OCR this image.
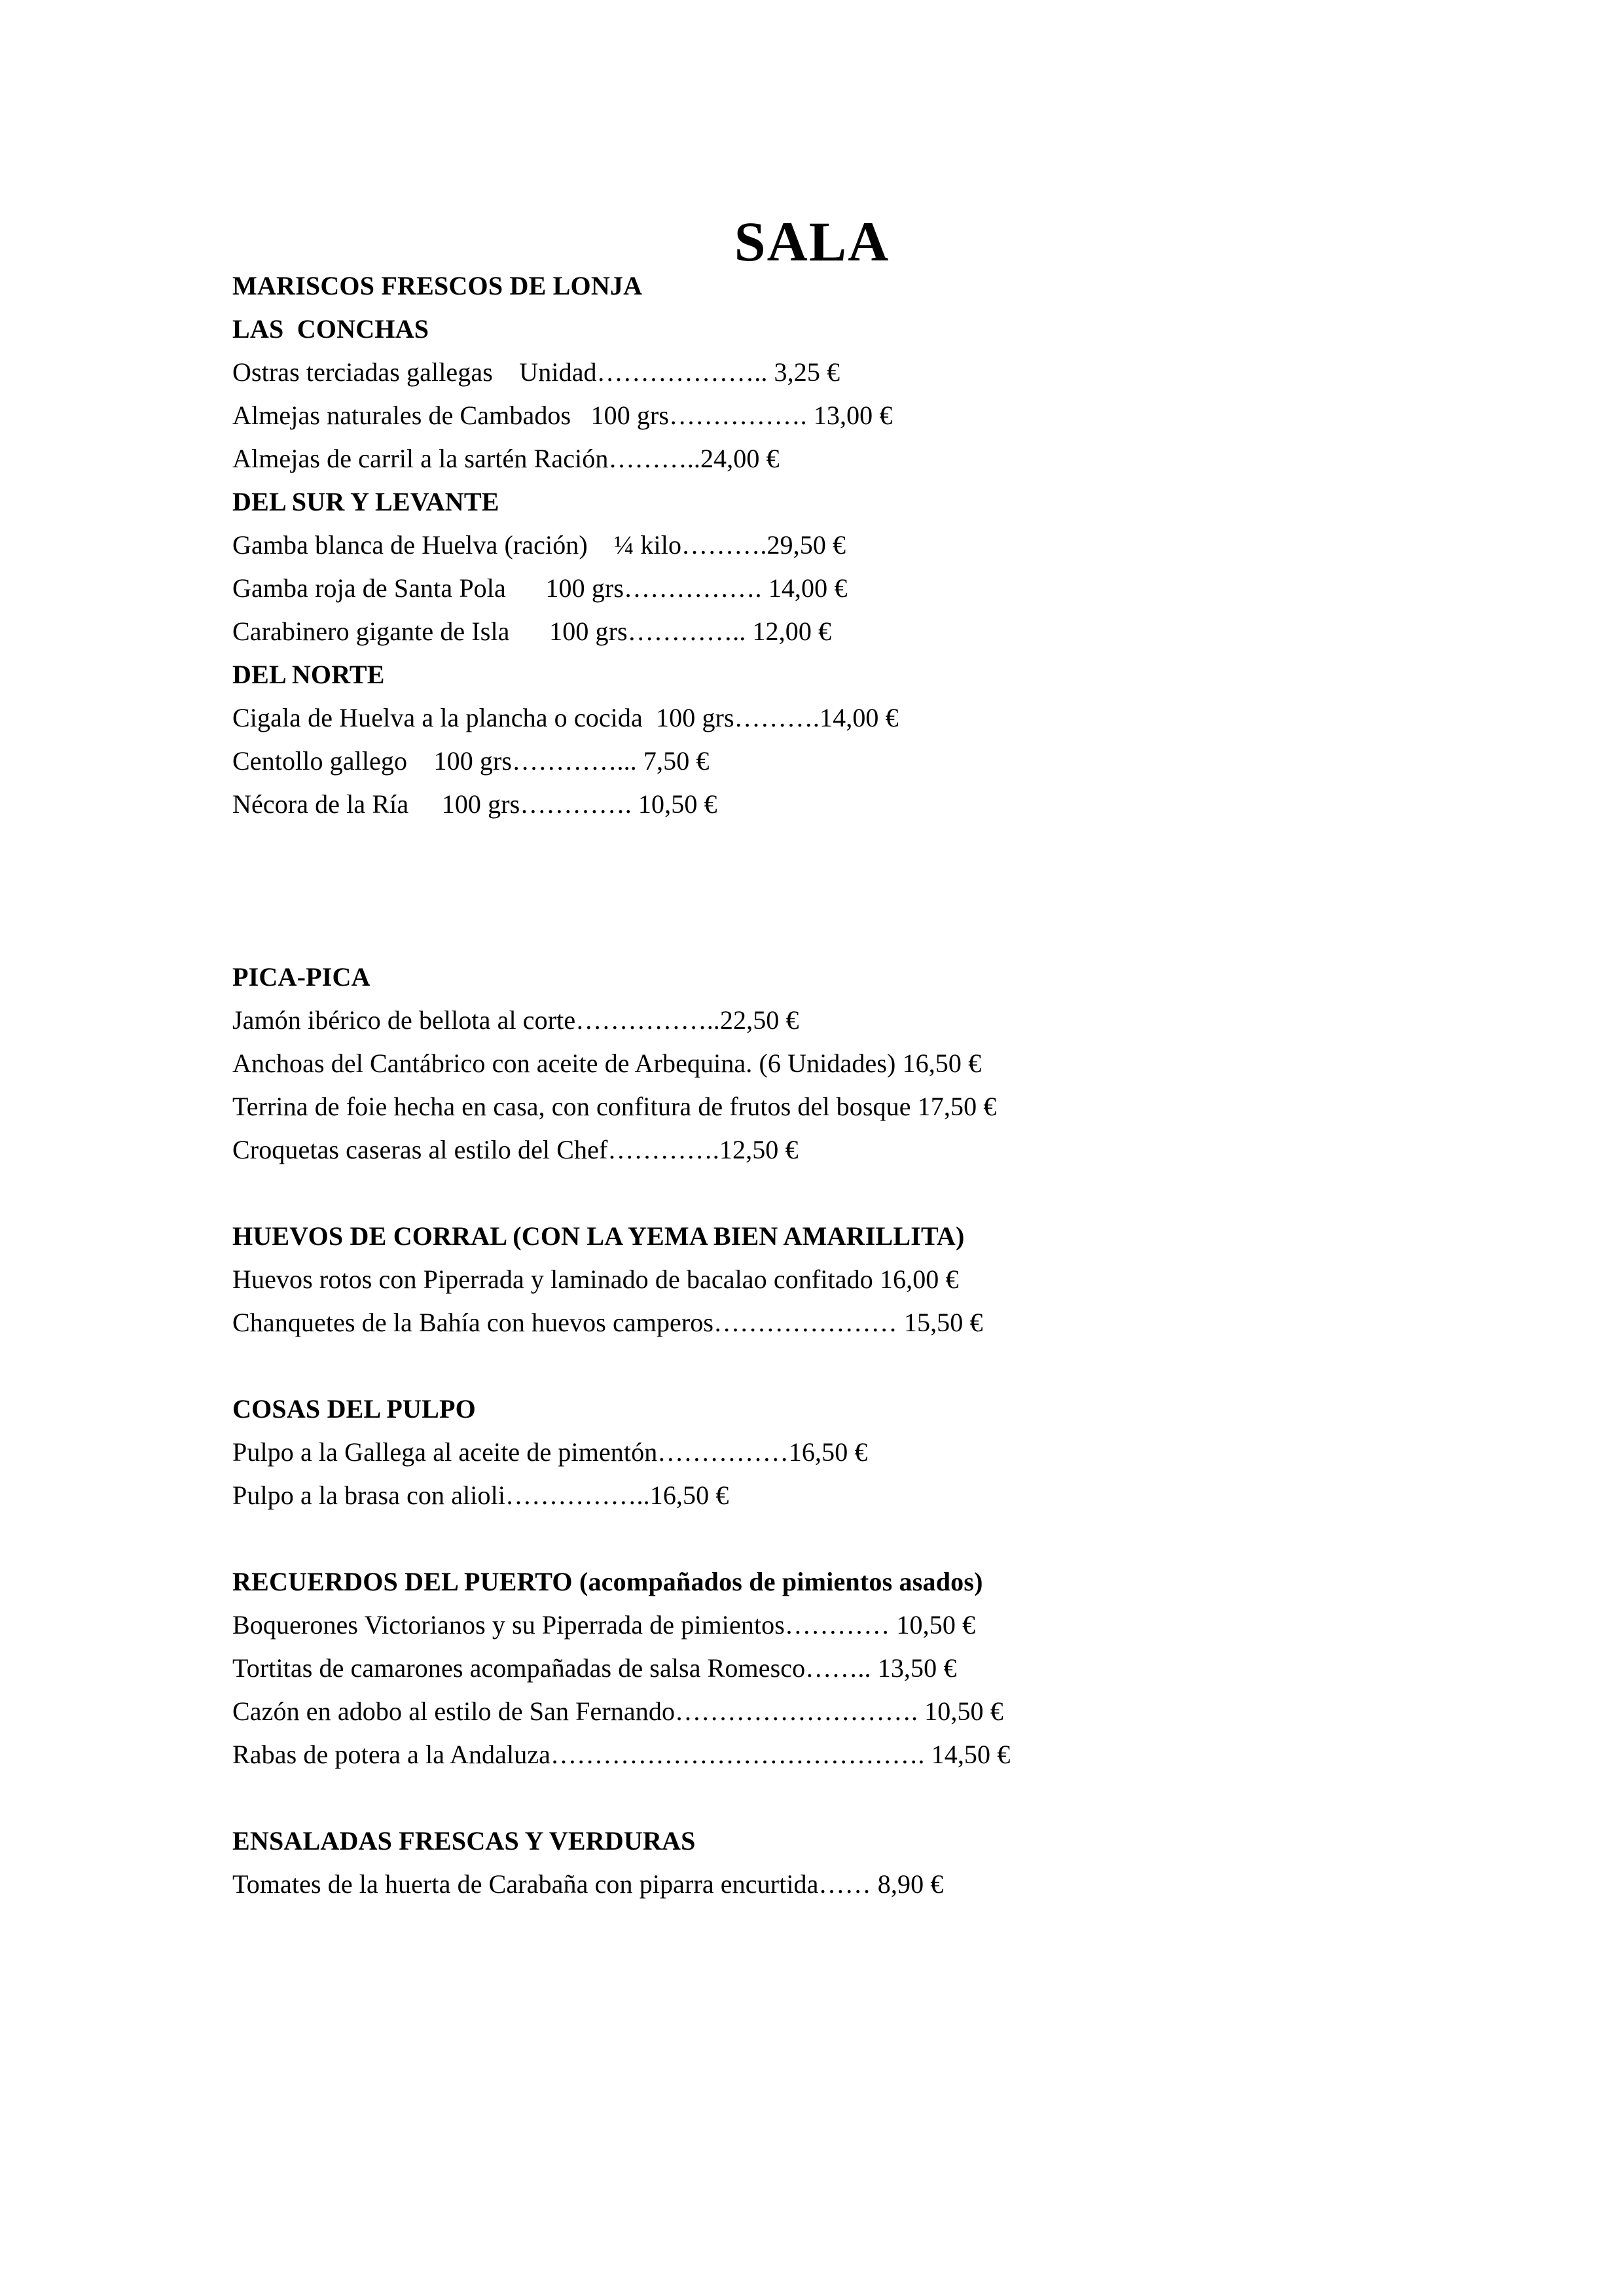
SALA
MARISCOS FRESCOS DE LONJA
LAS  CONCHAS
Ostras terciadas gallegas    Unidad……………….. 3,25 €
Almejas naturales de Cambados   100 grs……………. 13,00 €
Almejas de carril a la sartén Ración………..24,00 €
DEL SUR Y LEVANTE
Gamba blanca de Huelva (ración)    ¼ kilo……….29,50 €
Gamba roja de Santa Pola      100 grs……………. 14,00 €
Carabinero gigante de Isla      100 grs………….. 12,00 €
DEL NORTE
Cigala de Huelva a la plancha o cocida  100 grs……….14,00 €
Centollo gallego    100 grs…………... 7,50 €
Nécora de la Ría     100 grs…………. 10,50 €
PICA-PICA
Jamón ibérico de bellota al corte……………..22,50 €
Anchoas del Cantábrico con aceite de Arbequina. (6 Unidades) 16,50 €
Terrina de foie hecha en casa, con confitura de frutos del bosque 17,50 €
Croquetas caseras al estilo del Chef………….12,50 €
HUEVOS DE CORRAL (CON LA YEMA BIEN AMARILLITA)
Huevos rotos con Piperrada y laminado de bacalao confitado 16,00 €
Chanquetes de la Bahía con huevos camperos………………… 15,50 €
COSAS DEL PULPO
Pulpo a la Gallega al aceite de pimentón……………16,50 €
Pulpo a la brasa con alioli……………..16,50 €
RECUERDOS DEL PUERTO (acompañados de pimientos asados)
Boquerones Victorianos y su Piperrada de pimientos………… 10,50 €
Tortitas de camarones acompañadas de salsa Romesco…….. 13,50 €
Cazón en adobo al estilo de San Fernando………………………. 10,50 €
Rabas de potera a la Andaluza……………………………………. 14,50 €
ENSALADAS FRESCAS Y VERDURAS
Tomates de la huerta de Carabaña con piparra encurtida…… 8,90 €
